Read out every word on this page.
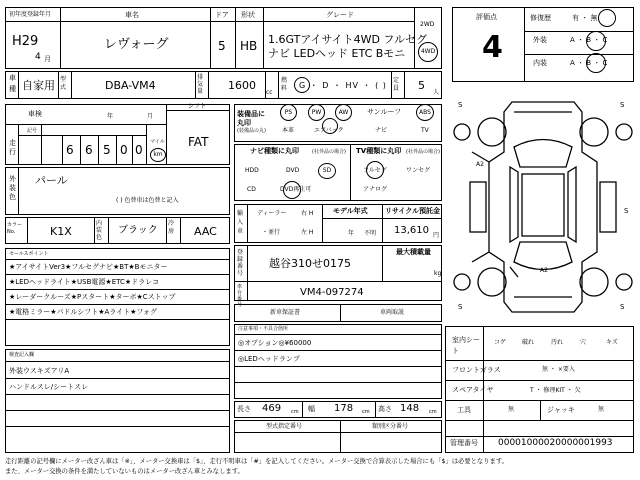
初年度登録年月
H29
4 月
車名
レヴォーグ
ドア
5
形状
HB
グレード
1.6GTアイサイト4WD フルセグ
ナビ LEDヘッド ETC Bモニ
2WD
4WD
車
種 自家用 型式	DBA-VM4
排気量	1600
cc
燃料	G ・ D ・ HV ・ ( )
定員	5
人
評価点
4
修復歴	有 ・ 無
外装	A ・ B ・ C
内装	A ・ B ・ C
車検	年	月
シフト
FAT
走行
記号
6 6 5 0 0
マイル
km
外装色
パール
( ) 色替車は色替と記入
カラーNo.	K1X
内装色
ブラック
冷房	AAC
装備品に丸印
(装備品の丸)
PS	PW	AW	サンルーフ	ABS
本革	エアバック	ナビ	TV
ナビ種類に丸印	(社外品の場合)
HDD	DVD	SD
CD	DVD再生可
TV種類に丸印 (社外品の場合)
フルセグ	ワンセグ
アナログ
輸入車
ディーラー
・並行
右 H
左 H
モデル年式
年 不明
リサイクル預託金
13,610 円
登録番号
越谷310せ0175
最大積載量
kg
車台番号
VM4-097274
新車保証書	車両取説
セールスポイント
★アイサイトVer3★フルセグナビ★BT★Bモニター
★LEDヘッドライト★USB電源★ETC★ドラレコ
★レーダークルーズ★Pスタート★ターボ★Cストップ
★電格ミラー★パドルシフト★Aライト★フォグ
注意事項・不具合箇所
◎オプション◎¥60000
◎LEDヘッドランプ
検査記入欄
外装ウスキズアリA
ハンドルスレ/シートスレ
長さ 469 cm 幅 178 cm 高さ 148 cm
型式指定番号	類別区分番号
S	S
S	S
A2
A2
S
室内シート
コゲ	破れ	汚れ	穴	キズ
フロントガラス	無 ・ ×要入
スペアタイヤ	T ・ 修理KIT ・ 欠
工具	無	ジャッキ	無
管理番号 00001000020000001993
走行距離の記号欄にメーター改ざん車は「※」、メーター交換車は「$」、走行不明車は「#」を記入してください。メーター交換で合算表示した場合にも「$」は必要となります。
また、メーター交換の条件を満たしていないものはメーター改ざん車とみなします。
